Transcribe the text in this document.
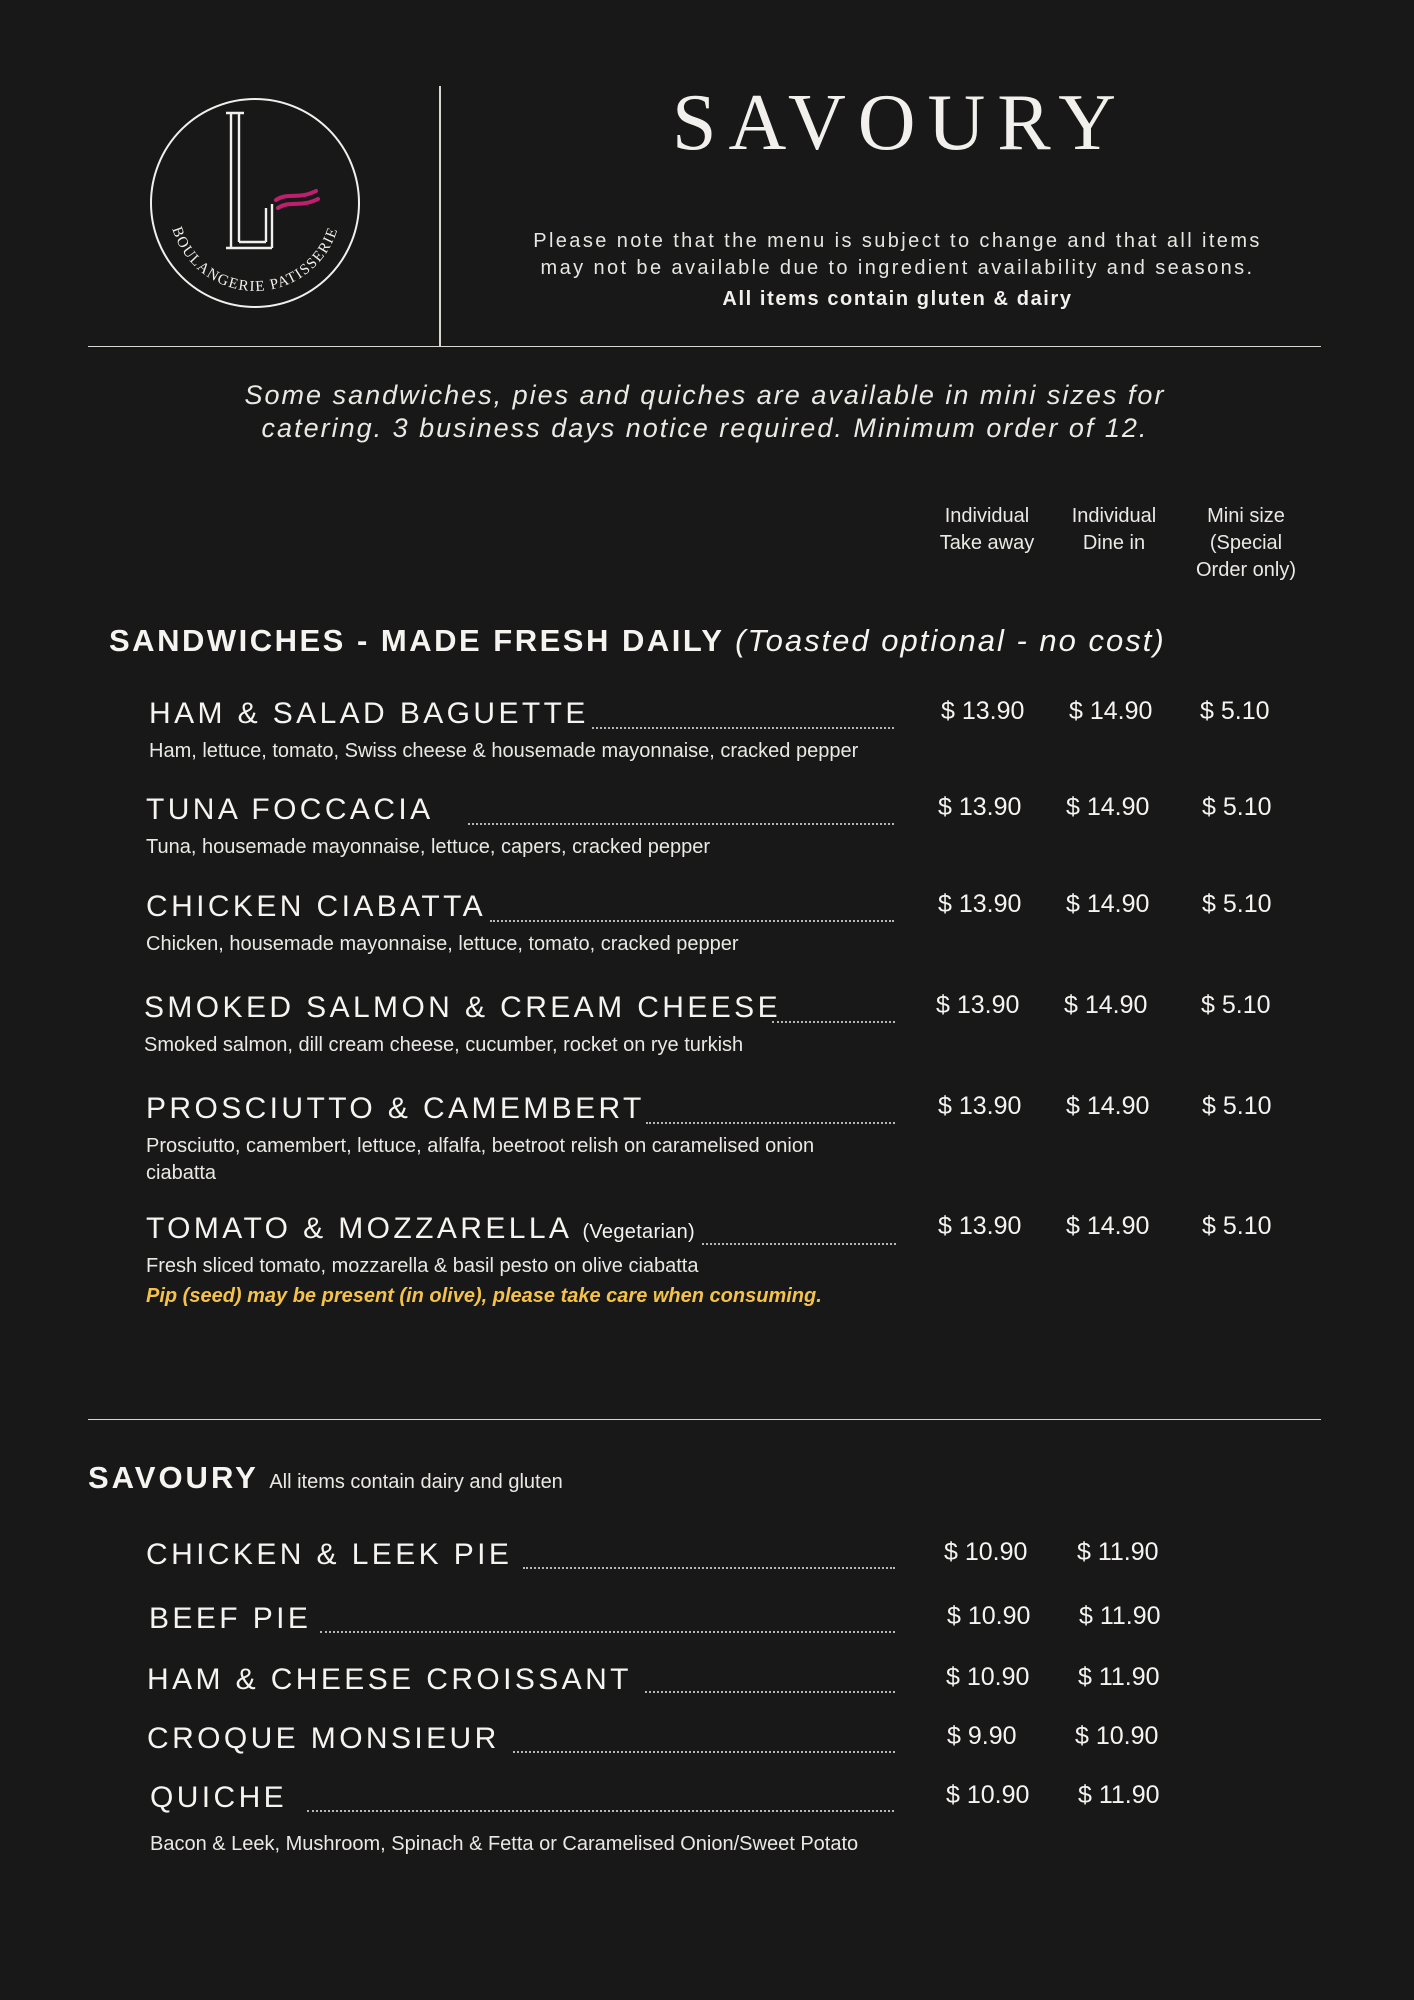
BOULANGERIE PATISSERIE
SAVOURY
Please note that the menu is subject to change and that all items
may not be available due to ingredient availability and seasons.
All items contain gluten & dairy
Some sandwiches, pies and quiches are available in mini sizes for
catering. 3 business days notice required. Minimum order of 12.
Individual
Take away
Individual
Dine in
Mini size
(Special
Order only)
SANDWICHES - MADE FRESH DAILY (Toasted optional - no cost)
HAM & SALAD BAGUETTE	$ 13.90 $ 14.90 $ 5.10
Ham, lettuce, tomato, Swiss cheese & housemade mayonnaise, cracked pepper
TUNA FOCCACIA	$ 13.90 $ 14.90 $ 5.10
Tuna, housemade mayonnaise, lettuce, capers, cracked pepper
CHICKEN CIABATTA	$ 13.90 $ 14.90 $ 5.10
Chicken, housemade mayonnaise, lettuce, tomato, cracked pepper
SMOKED SALMON & CREAM CHEESE	$ 13.90 $ 14.90 $ 5.10
Smoked salmon, dill cream cheese, cucumber, rocket on rye turkish
PROSCIUTTO & CAMEMBERT	$ 13.90 $ 14.90 $ 5.10
Prosciutto, camembert, lettuce, alfalfa, beetroot relish on caramelised onion
ciabatta
TOMATO & MOZZARELLA (Vegetarian)	$ 13.90 $ 14.90 $ 5.10
Fresh sliced tomato, mozzarella & basil pesto on olive ciabatta
Pip (seed) may be present (in olive), please take care when consuming.
SAVOURY All items contain dairy and gluten
CHICKEN & LEEK PIE	$ 10.90 $ 11.90
BEEF PIE	$ 10.90 $ 11.90
HAM & CHEESE CROISSANT	$ 10.90 $ 11.90
CROQUE MONSIEUR	$ 9.90 $ 10.90
QUICHE	$ 10.90 $ 11.90
Bacon & Leek, Mushroom, Spinach & Fetta or Caramelised Onion/Sweet Potato
